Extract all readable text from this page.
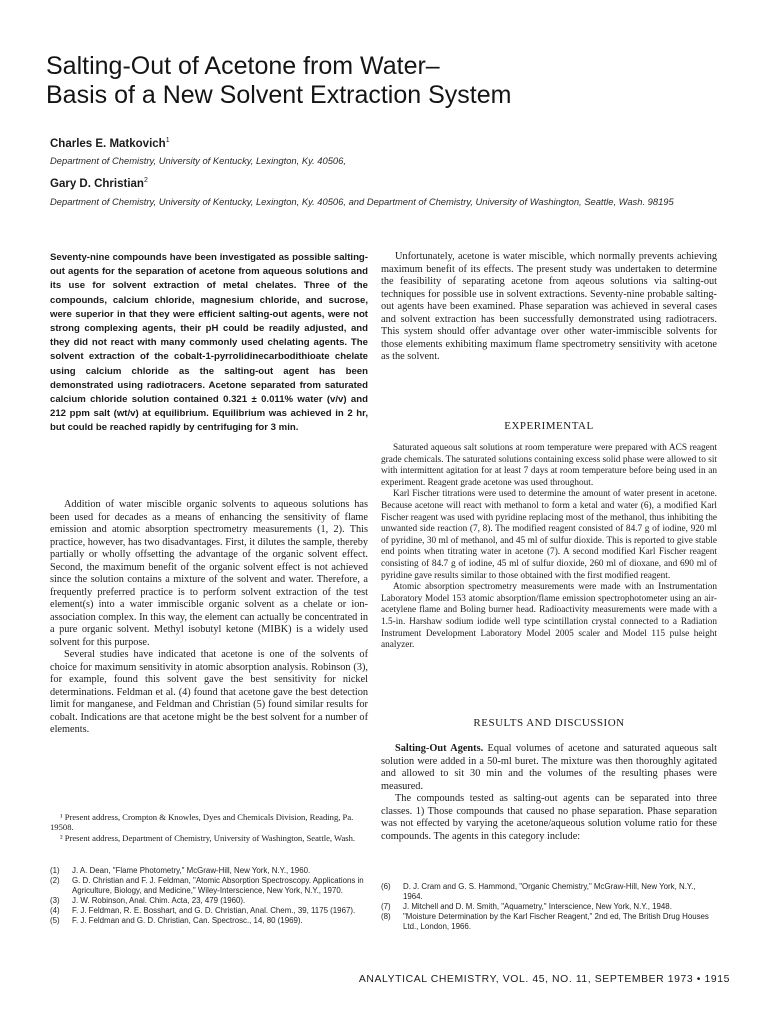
Salting-Out of Acetone from Water–
Basis of a New Solvent Extraction System
Charles E. Matkovich$^1$
Department of Chemistry, University of Kentucky, Lexington, Ky. 40506,
Gary D. Christian$^2$
Department of Chemistry, University of Kentucky, Lexington, Ky. 40506, and Department of Chemistry, University of Washington, Seattle, Wash. 98195
Seventy-nine compounds have been investigated as possible salting-out agents for the separation of acetone from aqueous solutions and its use for solvent extraction of metal chelates. Three of the compounds, calcium chloride, magnesium chloride, and sucrose, were superior in that they were efficient salting-out agents, were not strong complexing agents, their pH could be readily adjusted, and they did not react with many commonly used chelating agents. The solvent extraction of the cobalt-1-pyrrolidinecarbodithioate chelate using calcium chloride as the salting-out agent has been demonstrated using radiotracers. Acetone separated from saturated calcium chloride solution contained 0.321 ± 0.011% water (v/v) and 212 ppm salt (wt/v) at equilibrium. Equilibrium was achieved in 2 hr, but could be reached rapidly by centrifuging for 3 min.

Addition of water miscible organic solvents to aqueous solutions has been used for decades as a means of enhancing the sensitivity of flame emission and atomic absorption spectrometry measurements (1, 2). This practice, however, has two disadvantages. First, it dilutes the sample, thereby partially or wholly offsetting the advantage of the organic solvent effect. Second, the maximum benefit of the organic solvent effect is not achieved since the solution contains a mixture of the solvent and water. Therefore, a frequently preferred practice is to perform solvent extraction of the test element(s) into a water immiscible organic solvent as a chelate or ion-association complex. In this way, the element can actually be concentrated in a pure organic solvent. Methyl isobutyl ketone (MIBK) is a widely used solvent for this purpose.

Several studies have indicated that acetone is one of the solvents of choice for maximum sensitivity in atomic absorption analysis. Robinson (3), for example, found this solvent gave the best sensitivity for nickel determinations. Feldman et al. (4) found that acetone gave the best detection limit for manganese, and Feldman and Christian (5) found similar results for cobalt. Indications are that acetone might be the best solvent for a number of elements.

¹ Present address, Crompton & Knowles, Dyes and Chemicals Division, Reading, Pa. 19508.

² Present address, Department of Chemistry, University of Washington, Seattle, Wash.

(1) J. A. Dean, "Flame Photometry," McGraw-Hill, New York, N.Y., 1960.
(2) G. D. Christian and F. J. Feldman, "Atomic Absorption Spectroscopy. Applications in Agriculture, Biology, and Medicine," Wiley-Interscience, New York, N.Y., 1970.
(3) J. W. Robinson, Anal. Chim. Acta, 23, 479 (1960).
(4) F. J. Feldman, R. E. Bosshart, and G. D. Christian, Anal. Chem., 39, 1175 (1967).
(5) F. J. Feldman and G. D. Christian, Can. Spectrosc., 14, 80 (1969).

Unfortunately, acetone is water miscible, which normally prevents achieving maximum benefit of its effects. The present study was undertaken to determine the feasibility of separating acetone from aqeous solutions via salting-out techniques for possible use in solvent extractions. Seventy-nine probable salting-out agents have been examined. Phase separation was achieved in several cases and solvent extraction has been successfully demonstrated using radiotracers. This system should offer advantage over other water-immiscible solvents for those elements exhibiting maximum flame spectrometry sensitivity with acetone as the solvent.

EXPERIMENTAL

Saturated aqueous salt solutions at room temperature were prepared with ACS reagent grade chemicals. The saturated solutions containing excess solid phase were allowed to sit with intermittent agitation for at least 7 days at room temperature before being used in an experiment. Reagent grade acetone was used throughout.

Karl Fischer titrations were used to determine the amount of water present in acetone. Because acetone will react with methanol to form a ketal and water (6), a modified Karl Fischer reagent was used with pyridine replacing most of the methanol, thus inhibiting the unwanted side reaction (7, 8). The modified reagent consisted of 84.7 g of iodine, 920 ml of pyridine, 30 ml of methanol, and 45 ml of sulfur dioxide. This is reported to give stable end points when titrating water in acetone (7). A second modified Karl Fischer reagent consisting of 84.7 g of iodine, 45 ml of sulfur dioxide, 260 ml of dioxane, and 690 ml of pyridine gave results similar to those obtained with the first modified reagent.

Atomic absorption spectrometry measurements were made with an Instrumentation Laboratory Model 153 atomic absorption/flame emission spectrophotometer using an air-acetylene flame and Boling burner head. Radioactivity measurements were made with a 1.5-in. Harshaw sodium iodide well type scintillation crystal connected to a Radiation Instrument Development Laboratory Model 2005 scaler and Model 115 pulse height analyzer.

RESULTS AND DISCUSSION

Salting-Out Agents. Equal volumes of acetone and saturated aqueous salt solution were added in a 50-ml buret. The mixture was then thoroughly agitated and allowed to sit 30 min and the volumes of the resulting phases were measured.

The compounds tested as salting-out agents can be separated into three classes. 1) Those compounds that caused no phase separation. Phase separation was not effected by varying the acetone/aqueous solution volume ratio for these compounds. The agents in this category include:

(6) D. J. Cram and G. S. Hammond, "Organic Chemistry," McGraw-Hill, New York, N.Y., 1964.
(7) J. Mitchell and D. M. Smith, "Aquametry," Interscience, New York, N.Y., 1948.
(8) "Moisture Determination by the Karl Fischer Reagent," 2nd ed, The British Drug Houses Ltd., London, 1966.
ANALYTICAL CHEMISTRY, VOL. 45, NO. 11, SEPTEMBER 1973 • 1915
